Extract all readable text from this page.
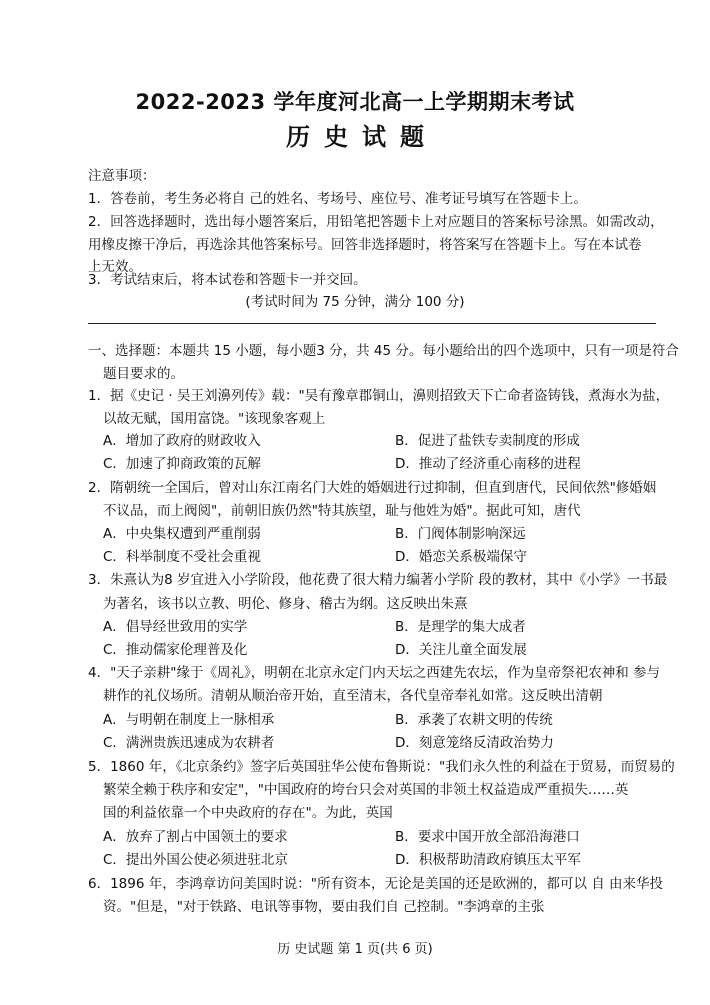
2022-2023 学年度河北高一上学期期末考试
历史试题
注意事项：
1．答卷前，考生务必将自 己的姓名、考场号、座位号、准考证号填写在答题卡上。
2．回答选择题时，选出每小题答案后，用铅笔把答题卡上对应题目的答案标号涂黑。如需改动，
用橡皮擦干净后，再选涂其他答案标号。回答非选择题时，将答案写在答题卡上。写在本试卷
(考试时间为 75 分钟，满分 100 分)
一、选择题：本题共 15 小题，每小题3 分，共 45 分。每小题给出的四个选项中，只有一项是符合
题目要求的。
1．据《史记 · 吴王刘濞列传》载："吴有豫章郡铜山，濞则招致天下亡命者盗铸钱，煮海水为盐，
以故无赋，国用富饶。"该现象客观上
A．增加了政府的财政收入	B．促进了盐铁专卖制度的形成
C．加速了抑商政策的瓦解	D．推动了经济重心南移的进程
2．隋朝统一全国后，曾对山东江南名门大姓的婚姻进行过抑制，但直到唐代，民间依然"修婚姻
不议品，而上阀阅"，前朝旧族仍然"特其族望，耻与他姓为婚"。据此可知，唐代
A．中央集权遭到严重削弱	B．门阀体制影响深远
C．科举制度不受社会重视	D．婚恋关系极端保守
3．朱熹认为8 岁宜进入小学阶段，他花费了很大精力编著小学阶 段的教材，其中《小学》一书最
为著名，该书以立教、明伦、修身、稽古为纲。这反映出朱熹
A．倡导经世致用的实学	B．是理学的集大成者
C．推动儒家伦理普及化	D．关注儿童全面发展
4．"天子亲耕"缘于《周礼》，明朝在北京永定门内天坛之西建先农坛，作为皇帝祭祀农神和 参与
耕作的礼仪场所。清朝从顺治帝开始，直至清末，各代皇帝奉礼如常。这反映出清朝
A．与明朝在制度上一脉相承	B．承袭了农耕文明的传统
C．满洲贵族迅速成为农耕者	D．刻意笼络反清政治势力
5．1860 年，《北京条约》签字后英国驻华公使布鲁斯说："我们永久性的利益在于贸易，而贸易的
繁荣全赖于秩序和安定"，"中国政府的垮台只会对英国的非领土权益造成严重损失……英
国的利益依靠一个中央政府的存在"。为此，英国
A．放弃了割占中国领土的要求	B．要求中国开放全部沿海港口
C．提出外国公使必须进驻北京	D．积极帮助清政府镇压太平军
6．1896 年，李鸿章访问美国时说："所有资本，无论是美国的还是欧洲的，都可以 自 由来华投
资。"但是，"对于铁路、电讯等事物，要由我们自 己控制。"李鸿章的主张
历 史试题 第 1 页(共 6 页)
上无效。
3．考试结束后，将本试卷和答题卡一并交回。
